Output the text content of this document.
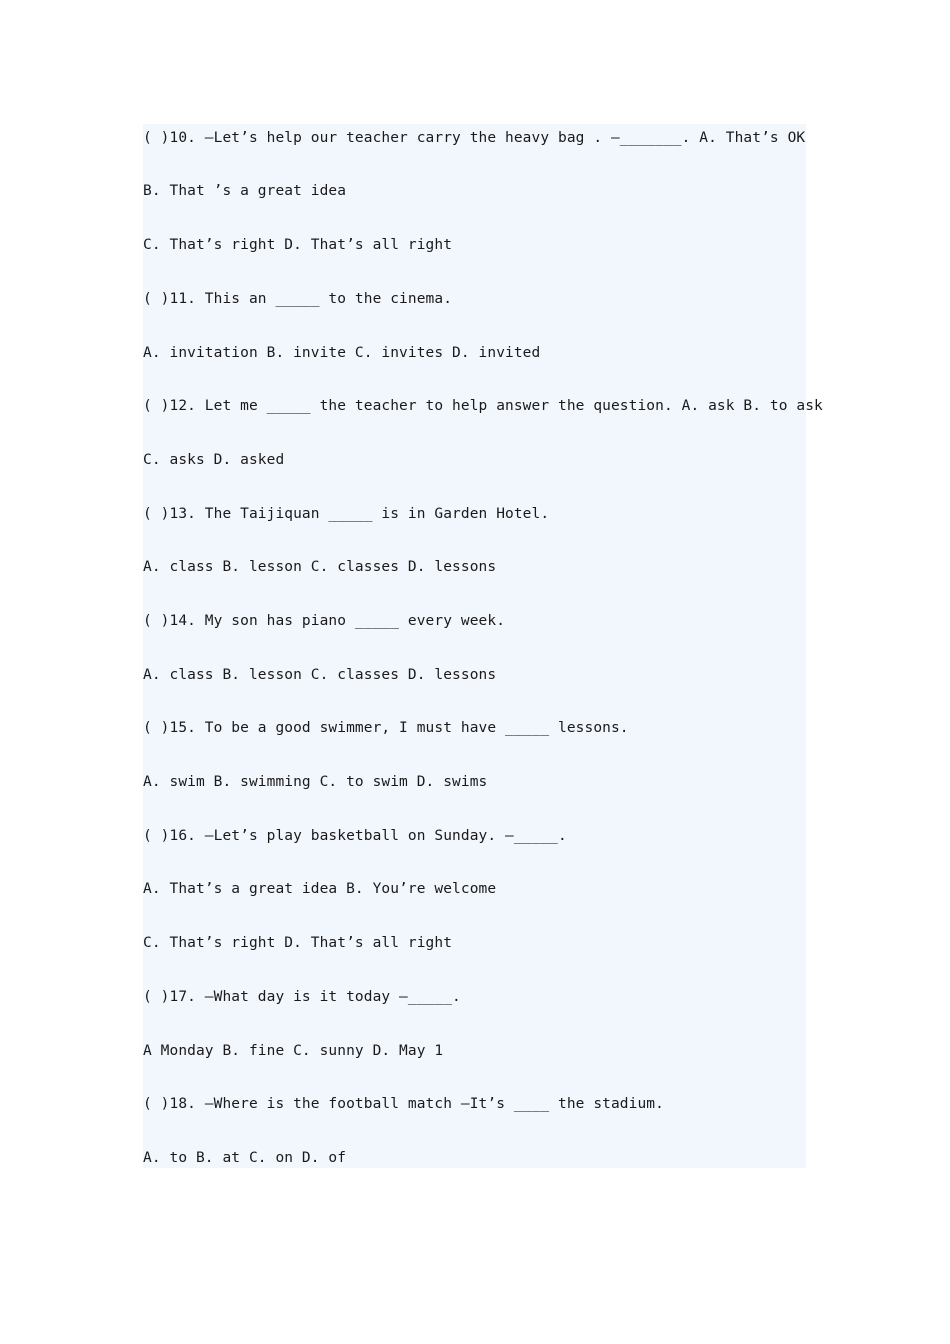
( )10. —Let’s help our teacher carry the heavy bag . —_______. A. That’s OK
B. That ’s a great idea
C. That’s right D. That’s all right
( )11. This an _____ to the cinema.
A. invitation B. invite C. invites D. invited
( )12. Let me _____ the teacher to help answer the question. A. ask B. to ask
C. asks D. asked
( )13. The Taijiquan _____ is in Garden Hotel.
A. class B. lesson C. classes D. lessons
( )14. My son has piano _____ every week.
A. class B. lesson C. classes D. lessons
( )15. To be a good swimmer, I must have _____ lessons.
A. swim B. swimming C. to swim D. swims
( )16. —Let’s play basketball on Sunday. —_____.
A. That’s a great idea B. You’re welcome
C. That’s right D. That’s all right
( )17. —What day is it today —_____.
A Monday B. fine C. sunny D. May 1
( )18. —Where is the football match —It’s ____ the stadium.
A. to B. at C. on D. of
